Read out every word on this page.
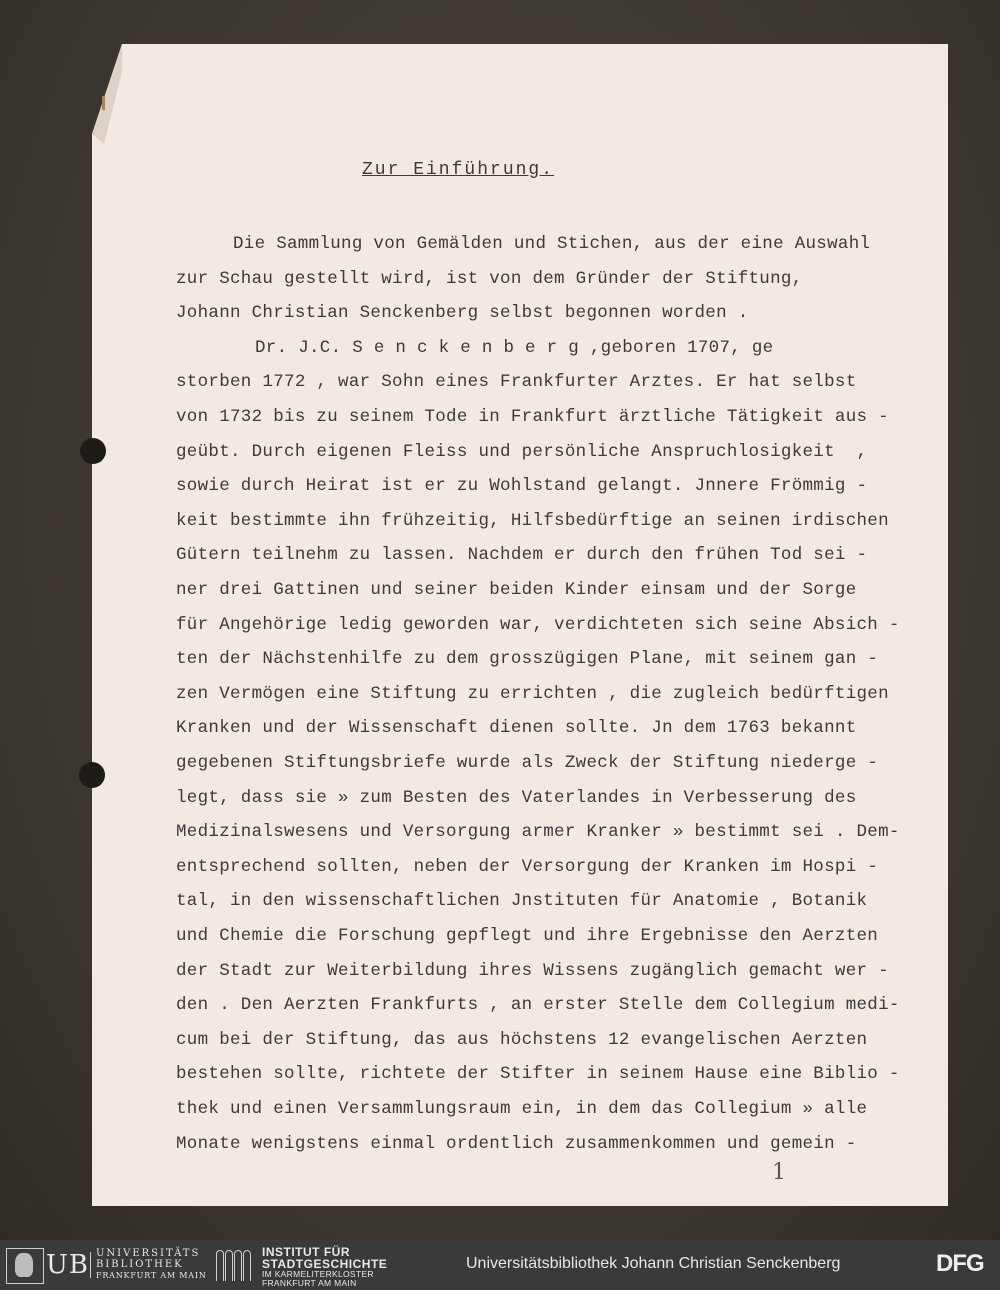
Zur Einführung.
Die Sammlung von Gemälden und Stichen, aus der eine Auswahl
zur Schau gestellt wird, ist von dem Gründer der Stiftung,
Johann Christian Senckenberg selbst begonnen worden .
Dr. J.C. S e n c k e n b e r g ,geboren 1707, ge
storben 1772 , war Sohn eines Frankfurter Arztes. Er hat selbst
von 1732 bis zu seinem Tode in Frankfurt ärztliche Tätigkeit aus -
geübt. Durch eigenen Fleiss und persönliche Anspruchlosigkeit  ,
sowie durch Heirat ist er zu Wohlstand gelangt. Jnnere Frömmig -
keit bestimmte ihn frühzeitig, Hilfsbedürftige an seinen irdischen
Gütern teilnehm zu lassen. Nachdem er durch den frühen Tod sei -
ner drei Gattinen und seiner beiden Kinder einsam und der Sorge
für Angehörige ledig geworden war, verdichteten sich seine Absich -
ten der Nächstenhilfe zu dem grosszügigen Plane, mit seinem gan -
zen Vermögen eine Stiftung zu errichten , die zugleich bedürftigen
Kranken und der Wissenschaft dienen sollte. Jn dem 1763 bekannt
gegebenen Stiftungsbriefe wurde als Zweck der Stiftung niederge -
legt, dass sie » zum Besten des Vaterlandes in Verbesserung des
Medizinalswesens und Versorgung armer Kranker » bestimmt sei . Dem-
entsprechend sollten, neben der Versorgung der Kranken im Hospi -
tal, in den wissenschaftlichen Jnstituten für Anatomie , Botanik
und Chemie die Forschung gepflegt und ihre Ergebnisse den Aerzten
der Stadt zur Weiterbildung ihres Wissens zugänglich gemacht wer -
den . Den Aerzten Frankfurts , an erster Stelle dem Collegium medi-
cum bei der Stiftung, das aus höchstens 12 evangelischen Aerzten
bestehen sollte, richtete der Stifter in seinem Hause eine Biblio -
thek und einen Versammlungsraum ein, in dem das Collegium » alle
Monate wenigstens einmal ordentlich zusammenkommen und gemein -
1
UB UNIVERSITÄTS
BIBLIOTHEK
FRANKFURT AM MAIN
INSTITUT FÜR
STADTGESCHICHTE
IM KARMELITERKLOSTER
FRANKFURT AM MAIN
Universitätsbibliothek Johann Christian Senckenberg	DFG
